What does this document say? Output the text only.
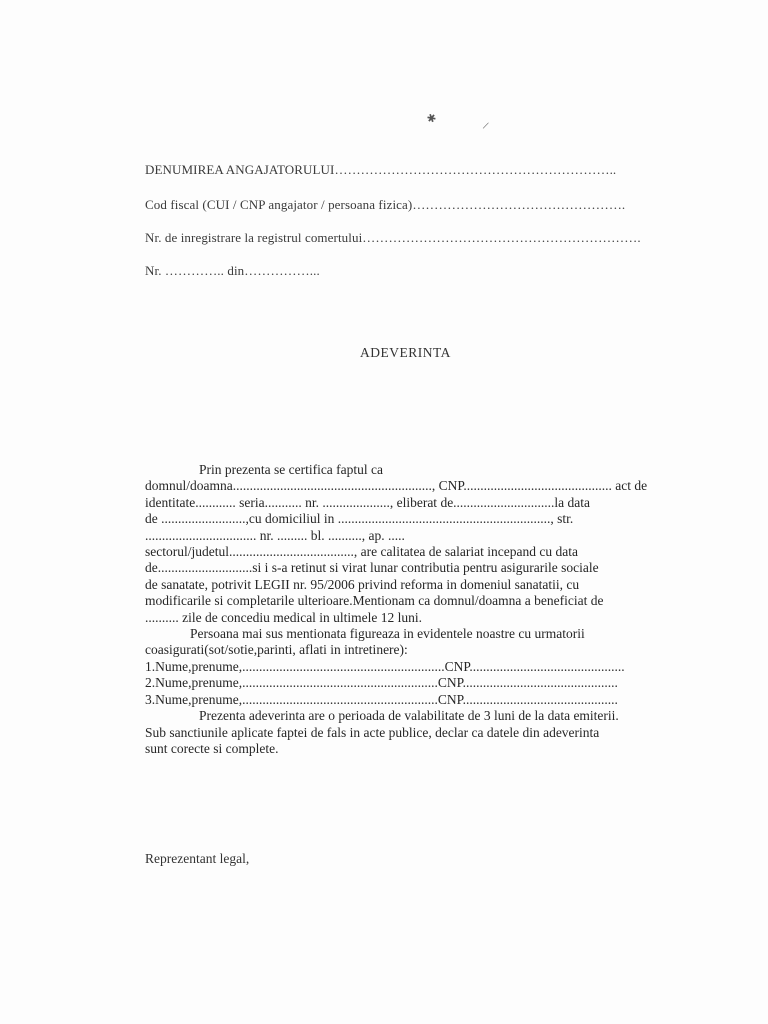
✱	/
DENUMIREA ANGAJATORULUI………………………………………………………..
Cod fiscal (CUI / CNP angajator / persoana fizica)………………………………………….
Nr. de inregistrare la registrul comertului……………………………………………………….
Nr. ………….. din……………...
ADEVERINTA
Prin prezenta se certifica faptul ca
domnul/doamna..........................................................., CNP............................................ act de
identitate............ seria........... nr. ...................., eliberat de..............................la data
de .........................,cu domiciliul in ..............................................................., str.
................................. nr. ......... bl. .........., ap. .....
sectorul/judetul....................................., are calitatea de salariat incepand cu data
de............................si i s-a retinut si virat lunar contributia pentru asigurarile sociale
de sanatate, potrivit LEGII nr. 95/2006 privind reforma in domeniul sanatatii, cu
modificarile si completarile ulterioare.Mentionam ca domnul/doamna a beneficiat de
.......... zile de concediu medical in ultimele 12 luni.
Persoana mai sus mentionata figureaza in evidentele noastre cu urmatorii
coasigurati(sot/sotie,parinti, aflati in intretinere):
1.Nume,prenume,............................................................CNP..............................................
2.Nume,prenume,..........................................................CNP..............................................
3.Nume,prenume,..........................................................CNP..............................................
Prezenta adeverinta are o perioada de valabilitate de 3 luni de la data emiterii.
Sub sanctiunile aplicate faptei de fals in acte publice, declar ca datele din adeverinta
sunt corecte si complete.
Reprezentant legal,
